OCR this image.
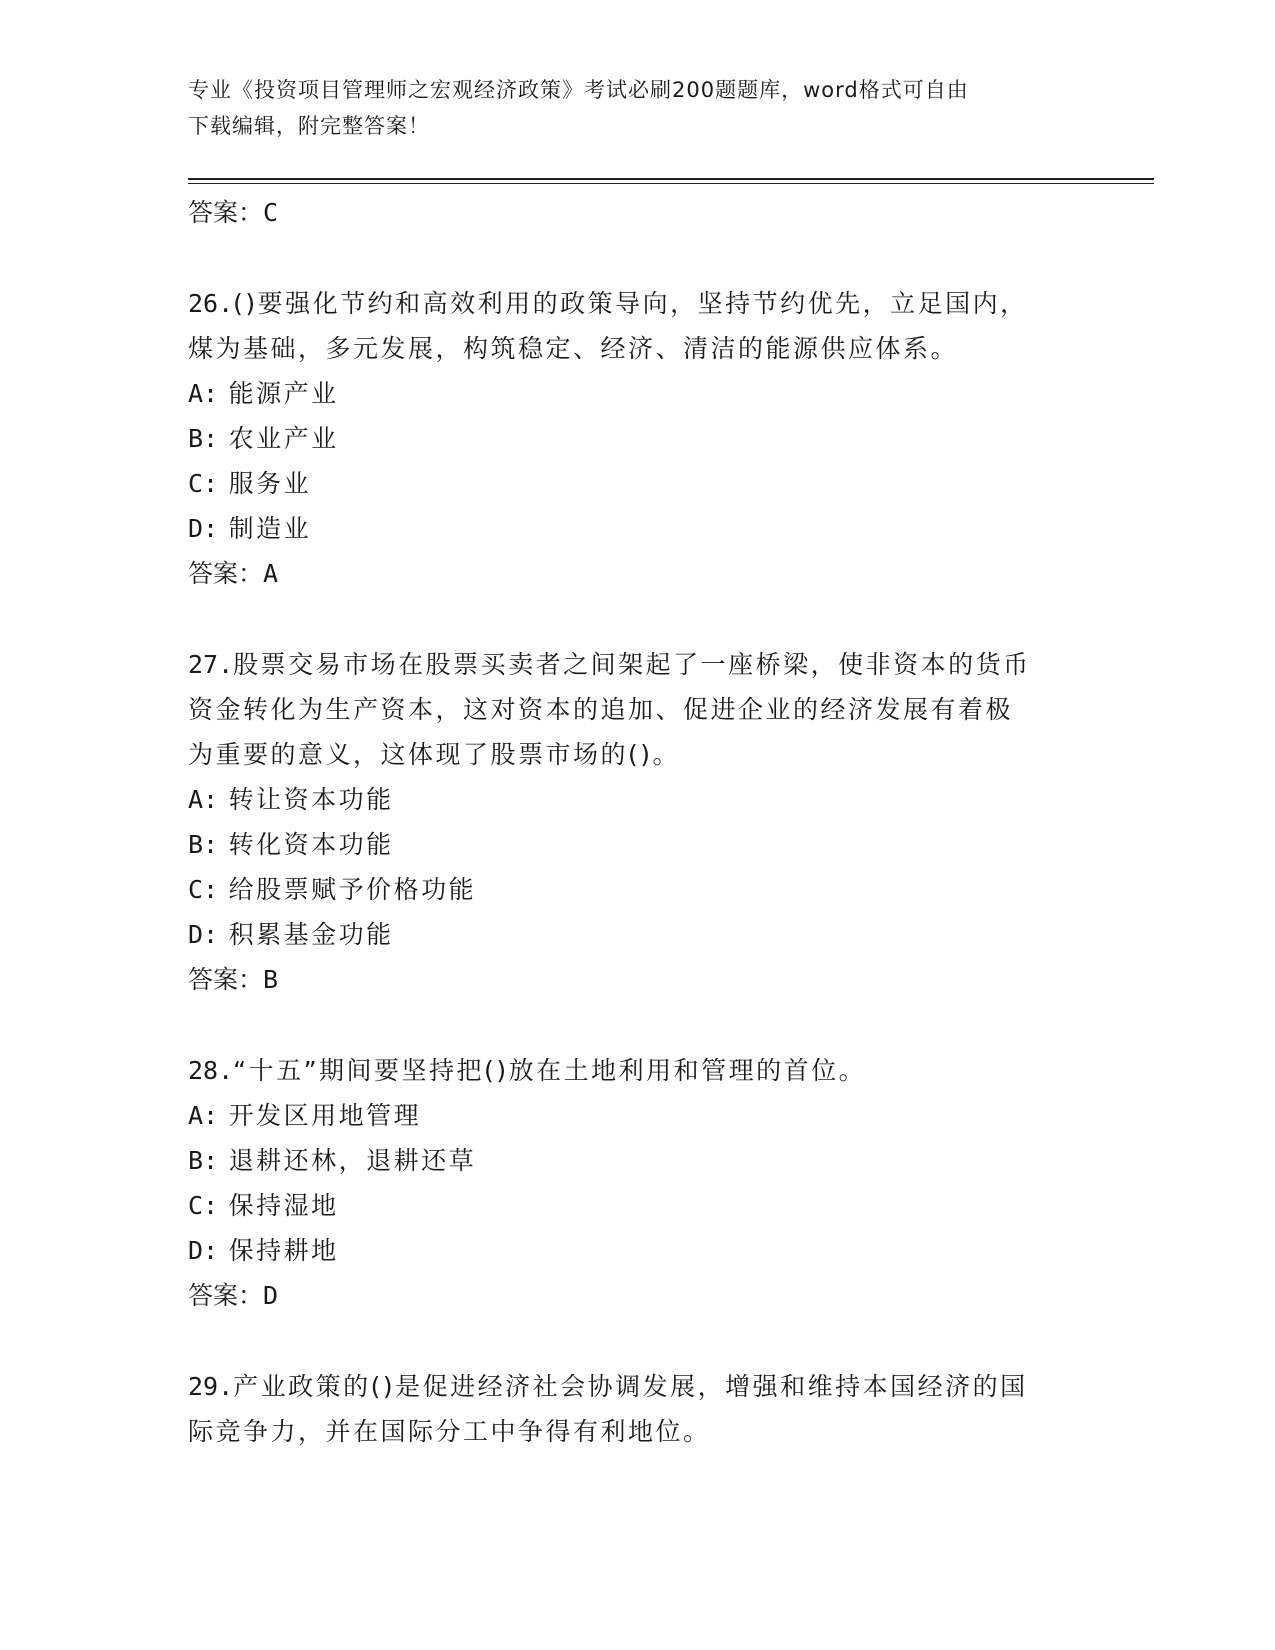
专业《投资项目管理师之宏观经济政策》考试必刷200题题库，word格式可自由
下载编辑，附完整答案！
答案：C

26.()要强化节约和高效利用的政策导向，坚持节约优先，立足国内，

煤为基础，多元发展，构筑稳定、经济、清洁的能源供应体系。

A: 能源产业
B: 农业产业
C: 服务业
D: 制造业
答案：A

27.股票交易市场在股票买卖者之间架起了一座桥梁，使非资本的货币

资金转化为生产资本，这对资本的追加、促进企业的经济发展有着极

为重要的意义，这体现了股票市场的()。

A: 转让资本功能
B: 转化资本功能
C: 给股票赋予价格功能
D: 积累基金功能
答案：B

28.“十五”期间要坚持把()放在土地利用和管理的首位。

A: 开发区用地管理
B: 退耕还林，退耕还草
C: 保持湿地
D: 保持耕地
答案：D

29.产业政策的()是促进经济社会协调发展，增强和维持本国经济的国

际竞争力，并在国际分工中争得有利地位。
